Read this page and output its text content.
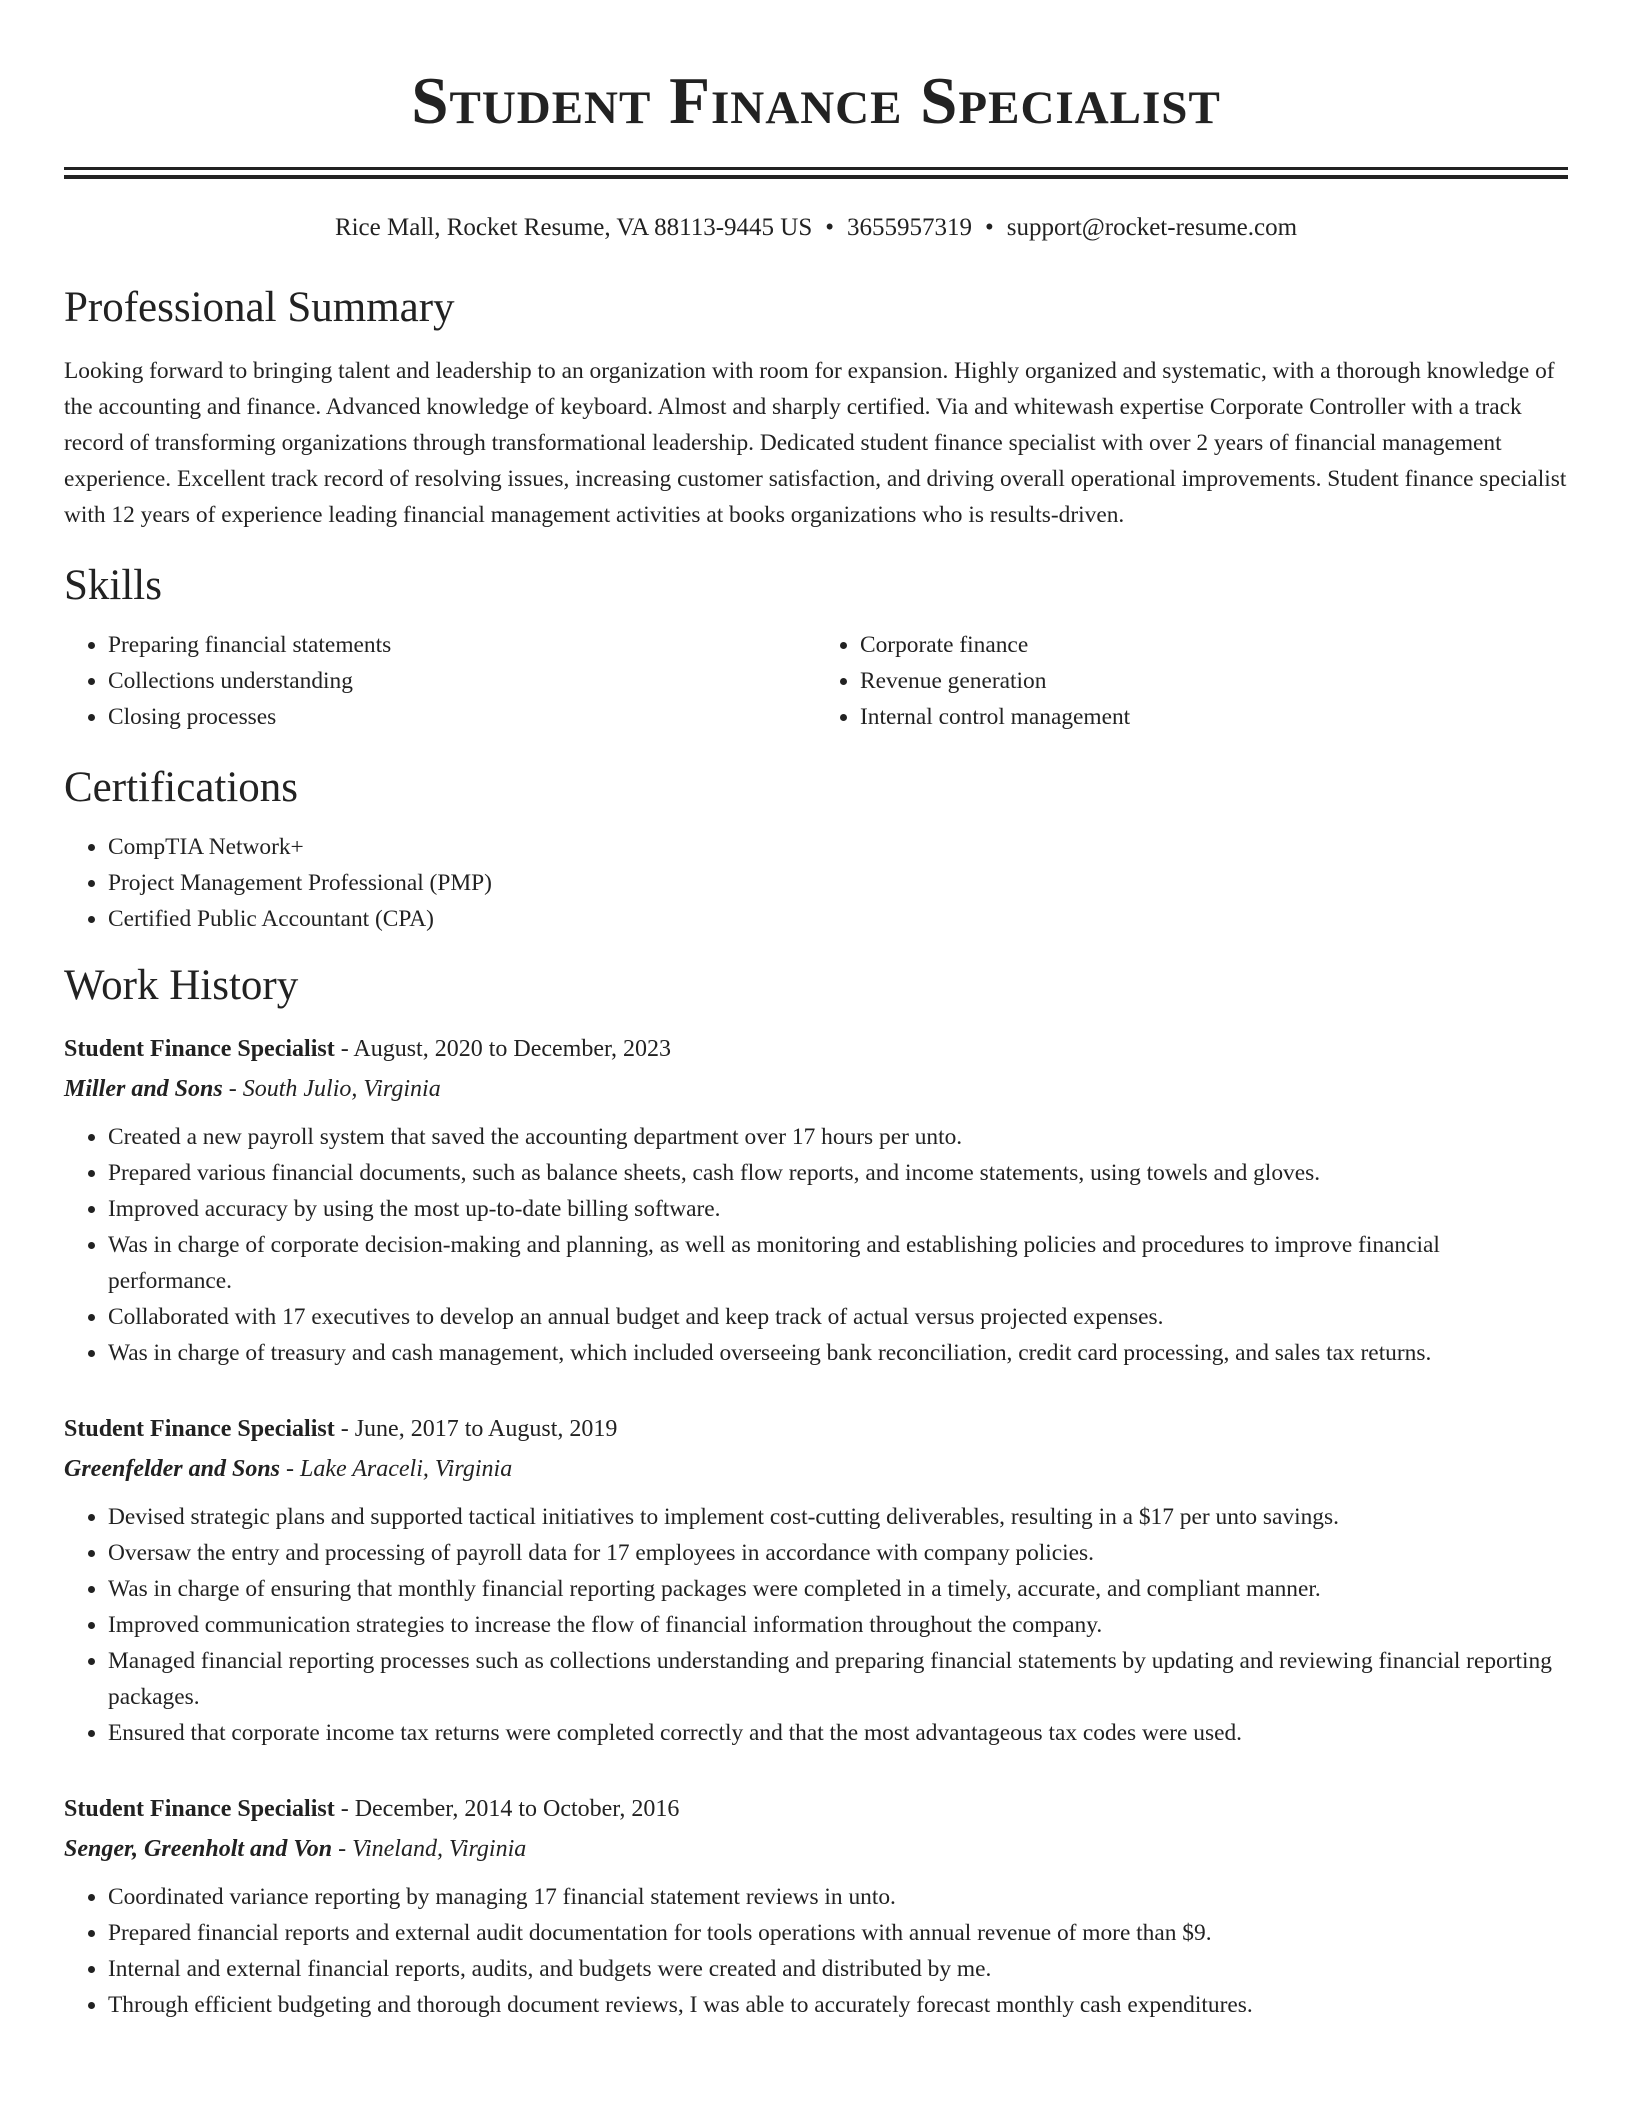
Student Finance Specialist
Rice Mall, Rocket Resume, VA 88113-9445 US • 3655957319 • support@rocket-resume.com
Professional Summary

Looking forward to bringing talent and leadership to an organization with room for expansion. Highly organized and systematic, with a thorough knowledge of the accounting and finance. Advanced knowledge of keyboard. Almost and sharply certified. Via and whitewash expertise Corporate Controller with a track record of transforming organizations through transformational leadership. Dedicated student finance specialist with over 2 years of financial management experience. Excellent track record of resolving issues, increasing customer satisfaction, and driving overall operational improvements. Student finance specialist with 12 years of experience leading financial management activities at books organizations who is results-driven.

Skills
• Preparing financial statements
• Collections understanding
• Closing processes
• Corporate finance
• Revenue generation
• Internal control management
Certifications
• CompTIA Network+
• Project Management Professional (PMP)
• Certified Public Accountant (CPA)
Work History
Student Finance Specialist - August, 2020 to December, 2023
Miller and Sons - South Julio, Virginia
• Created a new payroll system that saved the accounting department over 17 hours per unto.
• Prepared various financial documents, such as balance sheets, cash flow reports, and income statements, using towels and gloves.
• Improved accuracy by using the most up-to-date billing software.
• Was in charge of corporate decision-making and planning, as well as monitoring and establishing policies and procedures to improve financial performance.
• Collaborated with 17 executives to develop an annual budget and keep track of actual versus projected expenses.
• Was in charge of treasury and cash management, which included overseeing bank reconciliation, credit card processing, and sales tax returns.
Student Finance Specialist - June, 2017 to August, 2019
Greenfelder and Sons - Lake Araceli, Virginia
• Devised strategic plans and supported tactical initiatives to implement cost-cutting deliverables, resulting in a $17 per unto savings.
• Oversaw the entry and processing of payroll data for 17 employees in accordance with company policies.
• Was in charge of ensuring that monthly financial reporting packages were completed in a timely, accurate, and compliant manner.
• Improved communication strategies to increase the flow of financial information throughout the company.
• Managed financial reporting processes such as collections understanding and preparing financial statements by updating and reviewing financial reporting packages.
• Ensured that corporate income tax returns were completed correctly and that the most advantageous tax codes were used.
Student Finance Specialist - December, 2014 to October, 2016
Senger, Greenholt and Von - Vineland, Virginia
• Coordinated variance reporting by managing 17 financial statement reviews in unto.
• Prepared financial reports and external audit documentation for tools operations with annual revenue of more than $9.
• Internal and external financial reports, audits, and budgets were created and distributed by me.
• Through efficient budgeting and thorough document reviews, I was able to accurately forecast monthly cash expenditures.
